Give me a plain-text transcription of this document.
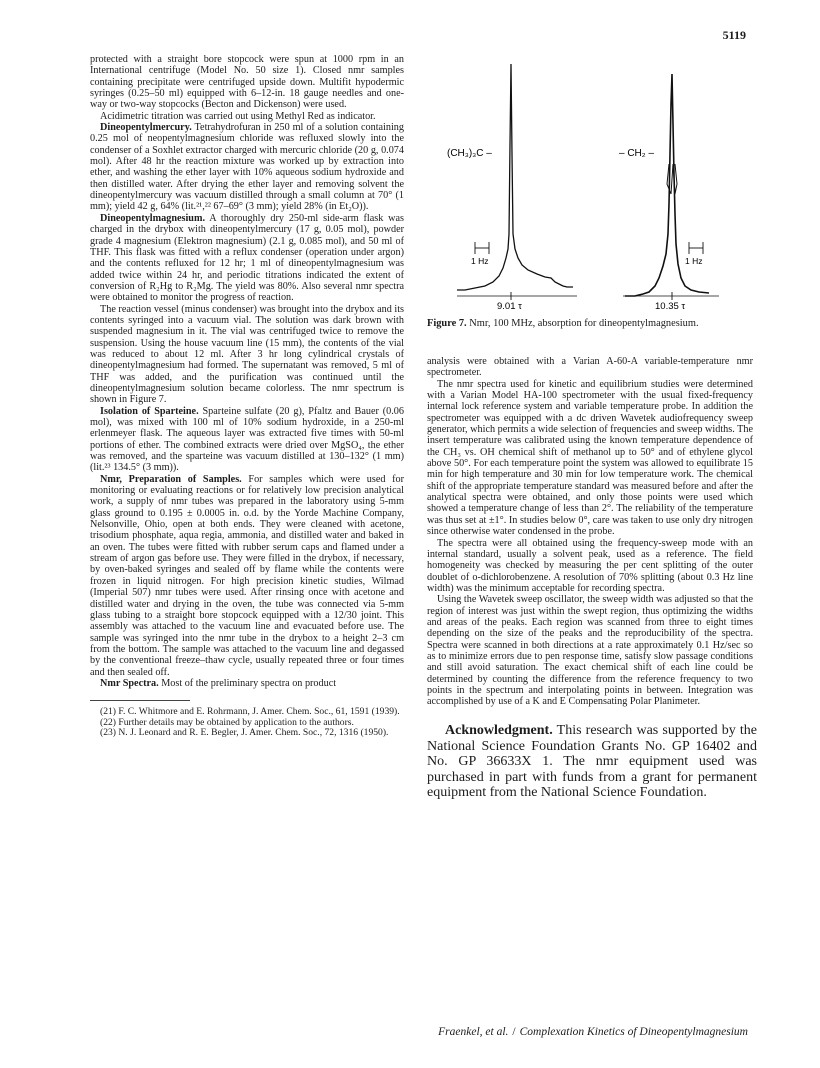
5119

protected with a straight bore stopcock were spun at 1000 rpm in an International centrifuge (Model No. 50 size 1). Closed nmr samples containing precipitate were centrifuged upside down. Multifit hypodermic syringes (0.25–50 ml) equipped with 6–12-in. 18 gauge needles and one-way or two-way stopcocks (Becton and Dickenson) were used.

Acidimetric titration was carried out using Methyl Red as indicator.

Dineopentylmercury. Tetrahydrofuran in 250 ml of a solution containing 0.25 mol of neopentylmagnesium chloride was refluxed slowly into the condenser of a Soxhlet extractor charged with mercuric chloride (20 g, 0.074 mol). After 48 hr the reaction mixture was worked up by extraction into ether, and washing the ether layer with 10% aqueous sodium hydroxide and then distilled water. After drying the ether layer and removing solvent the dineopentylmercury was vacuum distilled through a small column at 70° (1 mm); yield 42 g, 64% (lit.²¹,²² 67–69° (3 mm); yield 28% (in Et₂O)).

Dineopentylmagnesium. A thoroughly dry 250-ml side-arm flask was charged in the drybox with dineopentylmercury (17 g, 0.05 mol), powder grade 4 magnesium (Elektron magnesium) (2.1 g, 0.085 mol), and 50 ml of THF. This flask was fitted with a reflux condenser (operation under argon) and the contents refluxed for 12 hr; 1 ml of dineopentylmagnesium was added twice within 24 hr, and periodic titrations indicated the extent of conversion of R₂Hg to R₂Mg. The yield was 80%. Also several nmr spectra were obtained to monitor the progress of reaction.

The reaction vessel (minus condenser) was brought into the drybox and its contents syringed into a vacuum vial. The solution was dark brown with suspended magnesium in it. The vial was centrifuged twice to remove the suspension. Using the house vacuum line (15 mm), the contents of the vial was reduced to about 12 ml. After 3 hr long cylindrical crystals of dineopentylmagnesium had formed. The supernatant was removed, 5 ml of THF was added, and the purification was continued until the dineopentylmagnesium solution became colorless. The nmr spectrum is shown in Figure 7.

Isolation of Sparteine. Sparteine sulfate (20 g), Pfaltz and Bauer (0.06 mol), was mixed with 100 ml of 10% sodium hydroxide, in a 250-ml erlenmeyer flask. The aqueous layer was extracted five times with 50-ml portions of ether. The combined extracts were dried over MgSO₄, the ether was removed, and the sparteine was vacuum distilled at 130–132° (1 mm) (lit.²³ 134.5° (3 mm)).

Nmr, Preparation of Samples. For samples which were used for monitoring or evaluating reactions or for relatively low precision analytical work, a supply of nmr tubes was prepared in the laboratory using 5-mm glass ground to 0.195 ± 0.0005 in. o.d. by the Yorde Machine Company, Nelsonville, Ohio, open at both ends. They were cleaned with acetone, trisodium phosphate, aqua regia, ammonia, and distilled water and baked in an oven. The tubes were fitted with rubber serum caps and flamed under a stream of argon gas before use. They were filled in the drybox, if necessary, by oven-baked syringes and sealed off by flame while the contents were frozen in liquid nitrogen. For high precision kinetic studies, Wilmad (Imperial 507) nmr tubes were used. After rinsing once with acetone and distilled water and drying in the oven, the tube was connected via 5-mm glass tubing to a straight bore stopcock equipped with a 12/30 joint. This assembly was attached to the vacuum line and evacuated before use. The sample was syringed into the nmr tube in the drybox to a height 2–3 cm from the bottom. The sample was attached to the vacuum line and degassed by the conventional freeze–thaw cycle, usually repeated three or four times and then sealed off.

Nmr Spectra. Most of the preliminary spectra on product

(21) F. C. Whitmore and E. Rohrmann, J. Amer. Chem. Soc., 61, 1591 (1939).

(22) Further details may be obtained by application to the authors.

(23) N. J. Leonard and R. E. Begler, J. Amer. Chem. Soc., 72, 1316 (1950).

(CH₃)₃C –	– CH₂ –
1 Hz	1 Hz
9.01 τ	10.35 τ
Figure 7. Nmr, 100 MHz, absorption for dineopentylmagnesium.

analysis were obtained with a Varian A-60-A variable-temperature nmr spectrometer.

The nmr spectra used for kinetic and equilibrium studies were determined with a Varian Model HA-100 spectrometer with the usual fixed-frequency internal lock reference system and variable temperature probe. In addition the spectrometer was equipped with a dc driven Wavetek audiofrequency sweep generator, which permits a wide selection of frequencies and sweep widths. The insert temperature was calibrated using the known temperature dependence of the CH₃ vs. OH chemical shift of methanol up to 50° and of ethylene glycol above 50°. For each temperature point the system was allowed to equilibrate 15 min for high temperature and 30 min for low temperature work. The chemical shift of the appropriate temperature standard was measured before and after the analytical spectra were obtained, and only those points were used which showed a temperature change of less than 2°. The reliability of the temperature was thus set at ±1°. In studies below 0°, care was taken to use only dry nitrogen since otherwise water condensed in the probe.

The spectra were all obtained using the frequency-sweep mode with an internal standard, usually a solvent peak, used as a reference. The field homogeneity was checked by measuring the per cent splitting of the outer doublet of o-dichlorobenzene. A resolution of 70% splitting (about 0.3 Hz line width) was the minimum acceptable for recording spectra.

Using the Wavetek sweep oscillator, the sweep width was adjusted so that the region of interest was just within the swept region, thus optimizing the widths and areas of the peaks. Each region was scanned from three to eight times depending on the size of the peaks and the reproducibility of the spectra. Spectra were scanned in both directions at a rate approximately 0.1 Hz/sec so as to minimize errors due to pen response time, satisfy slow passage conditions and still avoid saturation. The exact chemical shift of each line could be determined by counting the difference from the reference frequency to two points in the spectrum and interpolating points in between. Integration was accomplished by use of a K and E Compensating Polar Planimeter.

Acknowledgment. This research was supported by the National Science Foundation Grants No. GP 16402 and No. GP 36633X 1. The nmr equipment used was purchased in part with funds from a grant for permanent equipment from the National Science Foundation.

Fraenkel, et al. / Complexation Kinetics of Dineopentylmagnesium
